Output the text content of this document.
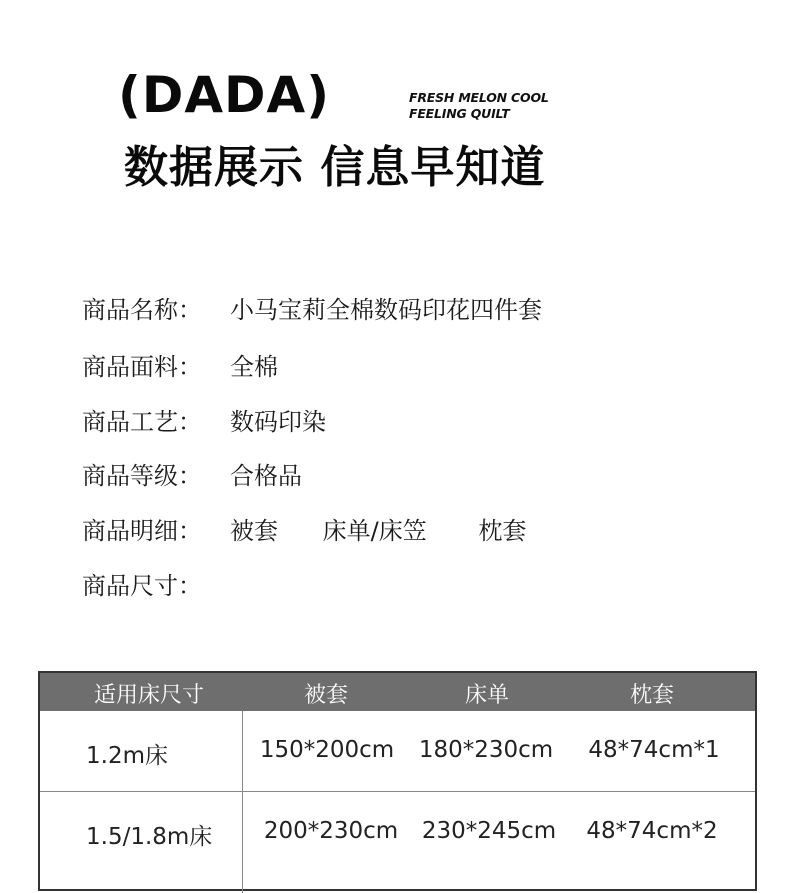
(DADA)	FRESH MELON COOL
FEELING QUILT
数据展示 信息早知道
商品名称： 小马宝莉全棉数码印花四件套
商品面料： 全棉
商品工艺： 数码印染
商品等级： 合格品
商品明细： 被套 床单/床笠 枕套
商品尺寸：
适用床尺寸	被套	床单	枕套
1.2m床	150*200cm 180*230cm 48*74cm*1
1.5/1.8m床 200*230cm 230*245cm 48*74cm*2
